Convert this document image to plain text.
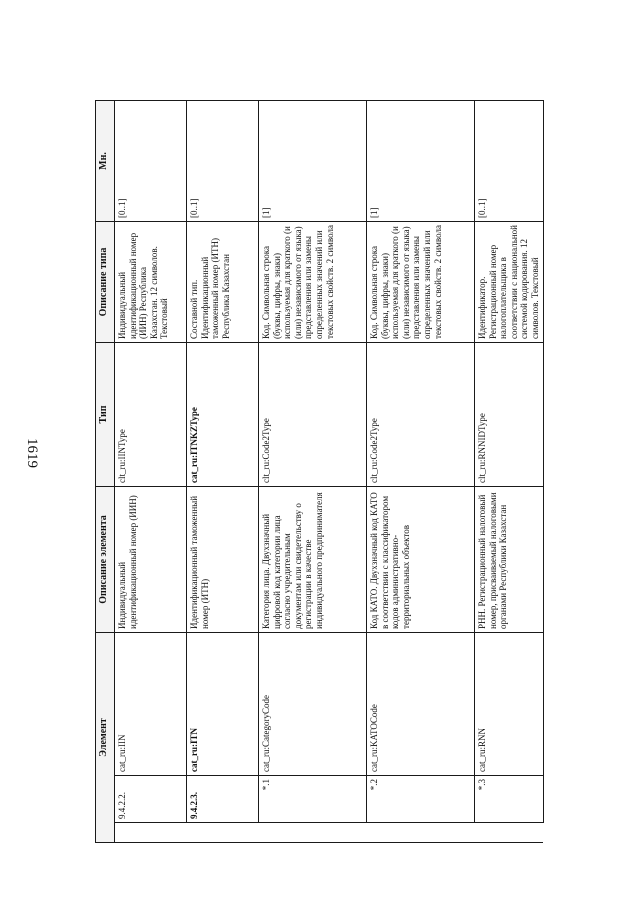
1619
Элемент			Описание элемента	Тип	Описание типа	Мн.
	9.4.2.2.	cat_ru:IIN	Индивидуальный идентификационный номер (ИИН)	clt_ru:IINType	Индивидуальный идентификационный номер (ИИН) Республика Казахстан. 12 символов. Текстовый	[0..1]
	9.4.2.3.	cat_ru:ITN	Идентификационный таможенный номер (ИТН)	cat_ru:ITNKZType	Составной тип. Идентификационный таможенный номер (ИТН) Республика Казахстан	[0..1]
	*.1	cat_ru:CategoryCode	Категория лица. Двухзначный цифровой код категории лица согласно учредительным документам или свидетельству о регистрации в качестве индивидуального предпринимателя	clt_ru:Code2Type	Код. Символьная строка (буквы, цифры, знаки) используемая для краткого (и (или) независимого от языка) представления или замены определенных значений или текстовых свойств. 2 символа	[1]
	*.2	cat_ru:KATOCode	Код КАТО. Двухзначный код КАТО в соответствии с классификатором кодов административно-территориальных объектов	clt_ru:Code2Type	Код. Символьная строка (буквы, цифры, знаки) используемая для краткого (и (или) независимого от языка) представления или замены определенных значений или текстовых свойств. 2 символа	[1]
	*.3	cat_ru:RNN	РНН. Регистрационный налоговый номер, присваиваемый налоговыми органами Республики Казахстан	clt_ru:RNNIDType	Идентификатор. Регистрационный номер налогоплательщика в соответствии с национальной системой кодирования. 12 символов. Текстовый	[0..1]
